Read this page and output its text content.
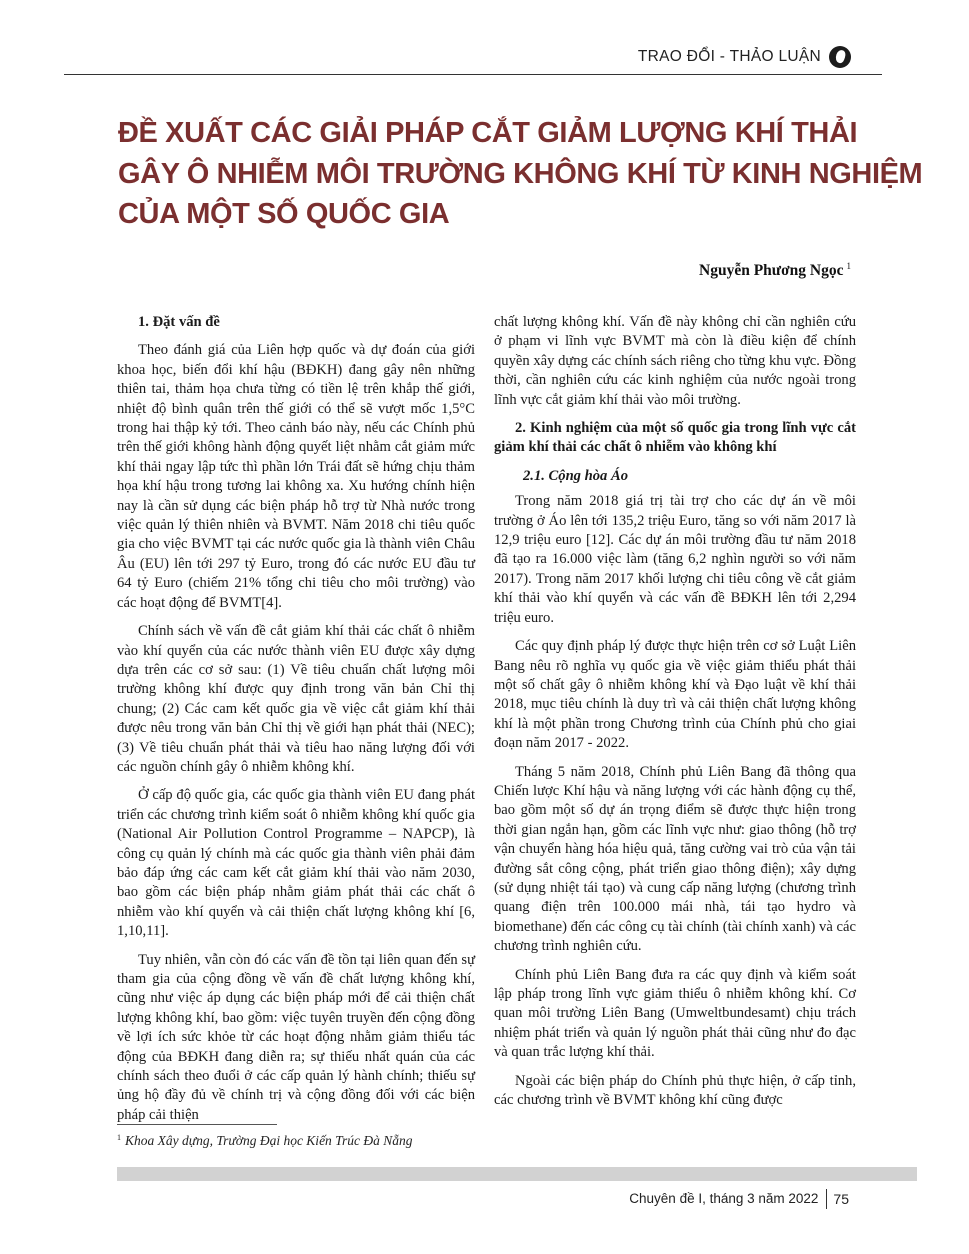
TRAO ĐỔI - THẢO LUẬN
ĐỀ XUẤT CÁC GIẢI PHÁP CẮT GIẢM LƯỢNG KHÍ THẢI
GÂY Ô NHIỄM MÔI TRƯỜNG KHÔNG KHÍ TỪ KINH NGHIỆM
CỦA MỘT SỐ QUỐC GIA
Nguyễn Phương Ngọc $^1$
1. Đặt vấn đề

Theo đánh giá của Liên hợp quốc và dự đoán của giới khoa học, biến đổi khí hậu (BĐKH) đang gây nên những thiên tai, thảm họa chưa từng có tiền lệ trên khắp thế giới, nhiệt độ bình quân trên thế giới có thể sẽ vượt mốc 1,5°C trong hai thập kỷ tới. Theo cảnh báo này, nếu các Chính phủ trên thế giới không hành động quyết liệt nhằm cắt giảm mức khí thải ngay lập tức thì phần lớn Trái đất sẽ hứng chịu thảm họa khí hậu trong tương lai không xa. Xu hướng chính hiện nay là cần sử dụng các biện pháp hỗ trợ từ Nhà nước trong việc quản lý thiên nhiên và BVMT. Năm 2018 chi tiêu quốc gia cho việc BVMT tại các nước quốc gia là thành viên Châu Âu (EU) lên tới 297 tỷ Euro, trong đó các nước EU đầu tư 64 tỷ Euro (chiếm 21% tổng chi tiêu cho môi trường) vào các hoạt động để BVMT[4].

Chính sách về vấn đề cắt giảm khí thải các chất ô nhiễm vào khí quyển của các nước thành viên EU được xây dựng dựa trên các cơ sở sau: (1) Về tiêu chuẩn chất lượng môi trường không khí được quy định trong văn bản Chỉ thị chung; (2) Các cam kết quốc gia về việc cắt giảm khí thải được nêu trong văn bản Chỉ thị về giới hạn phát thải (NEC); (3) Về tiêu chuẩn phát thải và tiêu hao năng lượng đối với các nguồn chính gây ô nhiễm không khí.

Ở cấp độ quốc gia, các quốc gia thành viên EU đang phát triển các chương trình kiểm soát ô nhiễm không khí quốc gia (National Air Pollution Control Programme – NAPCP), là công cụ quản lý chính mà các quốc gia thành viên phải đảm bảo đáp ứng các cam kết cắt giảm khí thải vào năm 2030, bao gồm các biện pháp nhằm giảm phát thải các chất ô nhiễm vào khí quyển và cải thiện chất lượng không khí [6, 1,10,11].

Tuy nhiên, vẫn còn đó các vấn đề tồn tại liên quan đến sự tham gia của cộng đồng về vấn đề chất lượng không khí, cũng như việc áp dụng các biện pháp mới để cải thiện chất lượng không khí, bao gồm: việc tuyên truyền đến cộng đồng về lợi ích sức khỏe từ các hoạt động nhằm giảm thiểu tác động của BĐKH đang diễn ra; sự thiếu nhất quán của các chính sách theo đuổi ở các cấp quản lý hành chính; thiếu sự ủng hộ đầy đủ về chính trị và cộng đồng đối với các biện pháp cải thiện

chất lượng không khí. Vấn đề này không chỉ cần nghiên cứu ở phạm vi lĩnh vực BVMT mà còn là điều kiện để chính quyền xây dựng các chính sách riêng cho từng khu vực. Đồng thời, cần nghiên cứu các kinh nghiệm của nước ngoài trong lĩnh vực cắt giảm khí thải vào môi trường.

2. Kinh nghiệm của một số quốc gia trong lĩnh vực cắt giảm khí thải các chất ô nhiễm vào không khí
2.1. Cộng hòa Áo

Trong năm 2018 giá trị tài trợ cho các dự án về môi trường ở Áo lên tới 135,2 triệu Euro, tăng so với năm 2017 là 12,9 triệu euro [12]. Các dự án môi trường đầu tư năm 2018 đã tạo ra 16.000 việc làm (tăng 6,2 nghìn người so với năm 2017). Trong năm 2017 khối lượng chi tiêu công về cắt giảm khí thải vào khí quyển và các vấn đề BĐKH lên tới 2,294 triệu euro.

Các quy định pháp lý được thực hiện trên cơ sở Luật Liên Bang nêu rõ nghĩa vụ quốc gia về việc giảm thiểu phát thải một số chất gây ô nhiễm không khí và Đạo luật về khí thải 2018, mục tiêu chính là duy trì và cải thiện chất lượng không khí là một phần trong Chương trình của Chính phủ cho giai đoạn năm 2017 - 2022.

Tháng 5 năm 2018, Chính phủ Liên Bang đã thông qua Chiến lược Khí hậu và năng lượng với các hành động cụ thể, bao gồm một số dự án trọng điểm sẽ được thực hiện trong thời gian ngắn hạn, gồm các lĩnh vực như: giao thông (hỗ trợ vận chuyển hàng hóa hiệu quả, tăng cường vai trò của vận tải đường sắt công cộng, phát triển giao thông điện); xây dựng (sử dụng nhiệt tái tạo) và cung cấp năng lượng (chương trình quang điện trên 100.000 mái nhà, tái tạo hydro và biomethane) đến các công cụ tài chính (tài chính xanh) và các chương trình nghiên cứu.

Chính phủ Liên Bang đưa ra các quy định và kiểm soát lập pháp trong lĩnh vực giảm thiểu ô nhiễm không khí. Cơ quan môi trường Liên Bang (Umweltbundesamt) chịu trách nhiệm phát triển và quản lý nguồn phát thải cũng như đo đạc và quan trắc lượng khí thải.

Ngoài các biện pháp do Chính phủ thực hiện, ở cấp tỉnh, các chương trình về BVMT không khí cũng được

$^1$ Khoa Xây dựng, Trường Đại học Kiến Trúc Đà Nẵng
Chuyên đề I, tháng 3 năm 2022	75
